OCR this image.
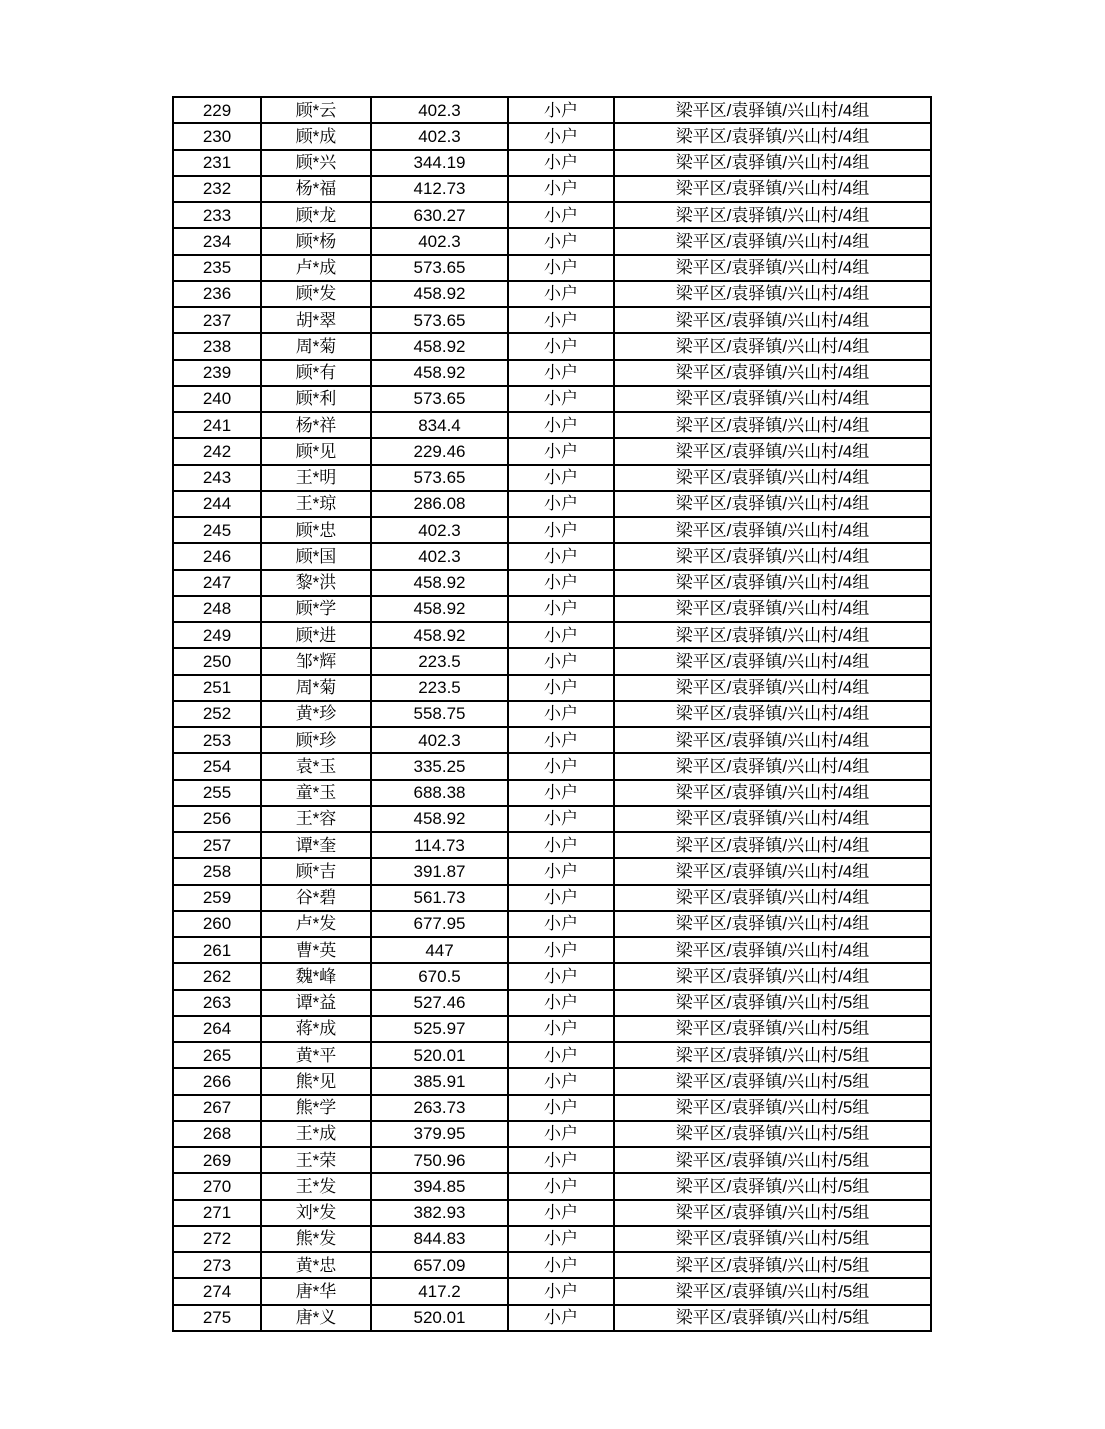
229	顾*云	402.3	小户	梁平区/袁驿镇/兴山村/4组
230	顾*成	402.3	小户	梁平区/袁驿镇/兴山村/4组
231	顾*兴	344.19	小户	梁平区/袁驿镇/兴山村/4组
232	杨*福	412.73	小户	梁平区/袁驿镇/兴山村/4组
233	顾*龙	630.27	小户	梁平区/袁驿镇/兴山村/4组
234	顾*杨	402.3	小户	梁平区/袁驿镇/兴山村/4组
235	卢*成	573.65	小户	梁平区/袁驿镇/兴山村/4组
236	顾*发	458.92	小户	梁平区/袁驿镇/兴山村/4组
237	胡*翠	573.65	小户	梁平区/袁驿镇/兴山村/4组
238	周*菊	458.92	小户	梁平区/袁驿镇/兴山村/4组
239	顾*有	458.92	小户	梁平区/袁驿镇/兴山村/4组
240	顾*利	573.65	小户	梁平区/袁驿镇/兴山村/4组
241	杨*祥	834.4	小户	梁平区/袁驿镇/兴山村/4组
242	顾*见	229.46	小户	梁平区/袁驿镇/兴山村/4组
243	王*明	573.65	小户	梁平区/袁驿镇/兴山村/4组
244	王*琼	286.08	小户	梁平区/袁驿镇/兴山村/4组
245	顾*忠	402.3	小户	梁平区/袁驿镇/兴山村/4组
246	顾*国	402.3	小户	梁平区/袁驿镇/兴山村/4组
247	黎*洪	458.92	小户	梁平区/袁驿镇/兴山村/4组
248	顾*学	458.92	小户	梁平区/袁驿镇/兴山村/4组
249	顾*进	458.92	小户	梁平区/袁驿镇/兴山村/4组
250	邹*辉	223.5	小户	梁平区/袁驿镇/兴山村/4组
251	周*菊	223.5	小户	梁平区/袁驿镇/兴山村/4组
252	黄*珍	558.75	小户	梁平区/袁驿镇/兴山村/4组
253	顾*珍	402.3	小户	梁平区/袁驿镇/兴山村/4组
254	袁*玉	335.25	小户	梁平区/袁驿镇/兴山村/4组
255	童*玉	688.38	小户	梁平区/袁驿镇/兴山村/4组
256	王*容	458.92	小户	梁平区/袁驿镇/兴山村/4组
257	谭*奎	114.73	小户	梁平区/袁驿镇/兴山村/4组
258	顾*吉	391.87	小户	梁平区/袁驿镇/兴山村/4组
259	谷*碧	561.73	小户	梁平区/袁驿镇/兴山村/4组
260	卢*发	677.95	小户	梁平区/袁驿镇/兴山村/4组
261	曹*英	447	小户	梁平区/袁驿镇/兴山村/4组
262	魏*峰	670.5	小户	梁平区/袁驿镇/兴山村/4组
263	谭*益	527.46	小户	梁平区/袁驿镇/兴山村/5组
264	蒋*成	525.97	小户	梁平区/袁驿镇/兴山村/5组
265	黄*平	520.01	小户	梁平区/袁驿镇/兴山村/5组
266	熊*见	385.91	小户	梁平区/袁驿镇/兴山村/5组
267	熊*学	263.73	小户	梁平区/袁驿镇/兴山村/5组
268	王*成	379.95	小户	梁平区/袁驿镇/兴山村/5组
269	王*荣	750.96	小户	梁平区/袁驿镇/兴山村/5组
270	王*发	394.85	小户	梁平区/袁驿镇/兴山村/5组
271	刘*发	382.93	小户	梁平区/袁驿镇/兴山村/5组
272	熊*发	844.83	小户	梁平区/袁驿镇/兴山村/5组
273	黄*忠	657.09	小户	梁平区/袁驿镇/兴山村/5组
274	唐*华	417.2	小户	梁平区/袁驿镇/兴山村/5组
275	唐*义	520.01	小户	梁平区/袁驿镇/兴山村/5组
